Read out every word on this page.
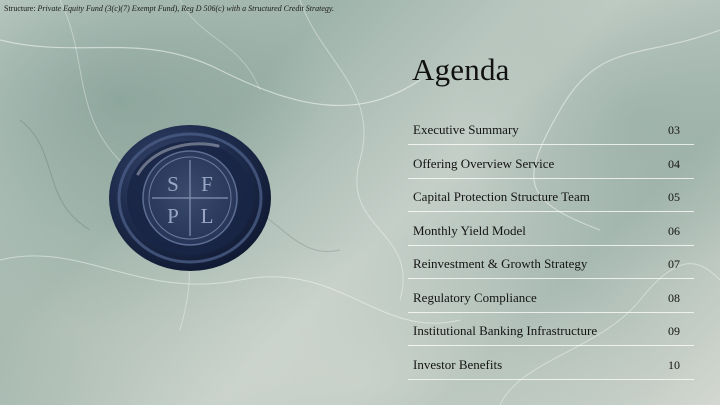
Structure: Private Equity Fund (3(c)(7) Exempt Fund), Reg D 506(c) with a Structured Credit Strategy.
S F
P L
Agenda
Executive Summary	03
Offering Overview Service	04
Capital Protection Structure Team	05
Monthly Yield Model	06
Reinvestment & Growth Strategy	07
Regulatory Compliance	08
Institutional Banking Infrastructure	09
Investor Benefits	10
